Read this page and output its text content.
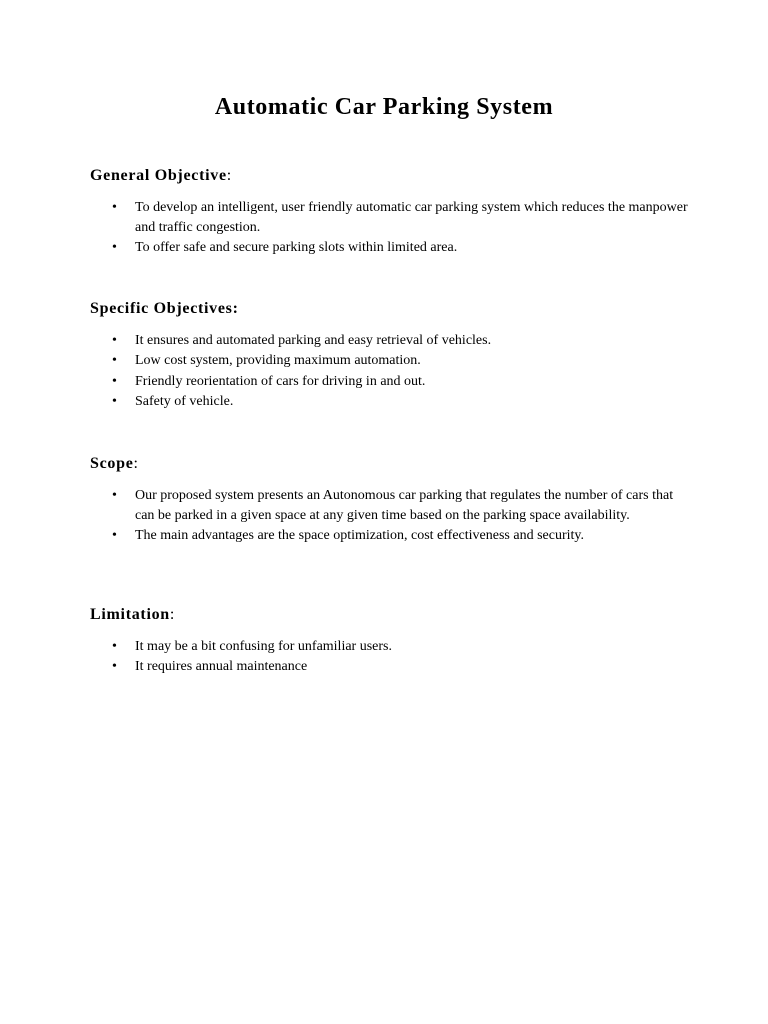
Automatic Car Parking System
General Objective:
• To develop an intelligent, user friendly automatic car parking system which reduces the manpower and traffic congestion.
• To offer safe and secure parking slots within limited area.
Specific Objectives:
• It ensures and automated parking and easy retrieval of vehicles.
• Low cost system, providing maximum automation.
• Friendly reorientation of cars for driving in and out.
• Safety of vehicle.
Scope:
• Our proposed system presents an Autonomous car parking that regulates the number of cars that can be parked in a given space at any given time based on the parking space availability.
• The main advantages are the space optimization, cost effectiveness and security.
Limitation:
• It may be a bit confusing for unfamiliar users.
• It requires annual maintenance
